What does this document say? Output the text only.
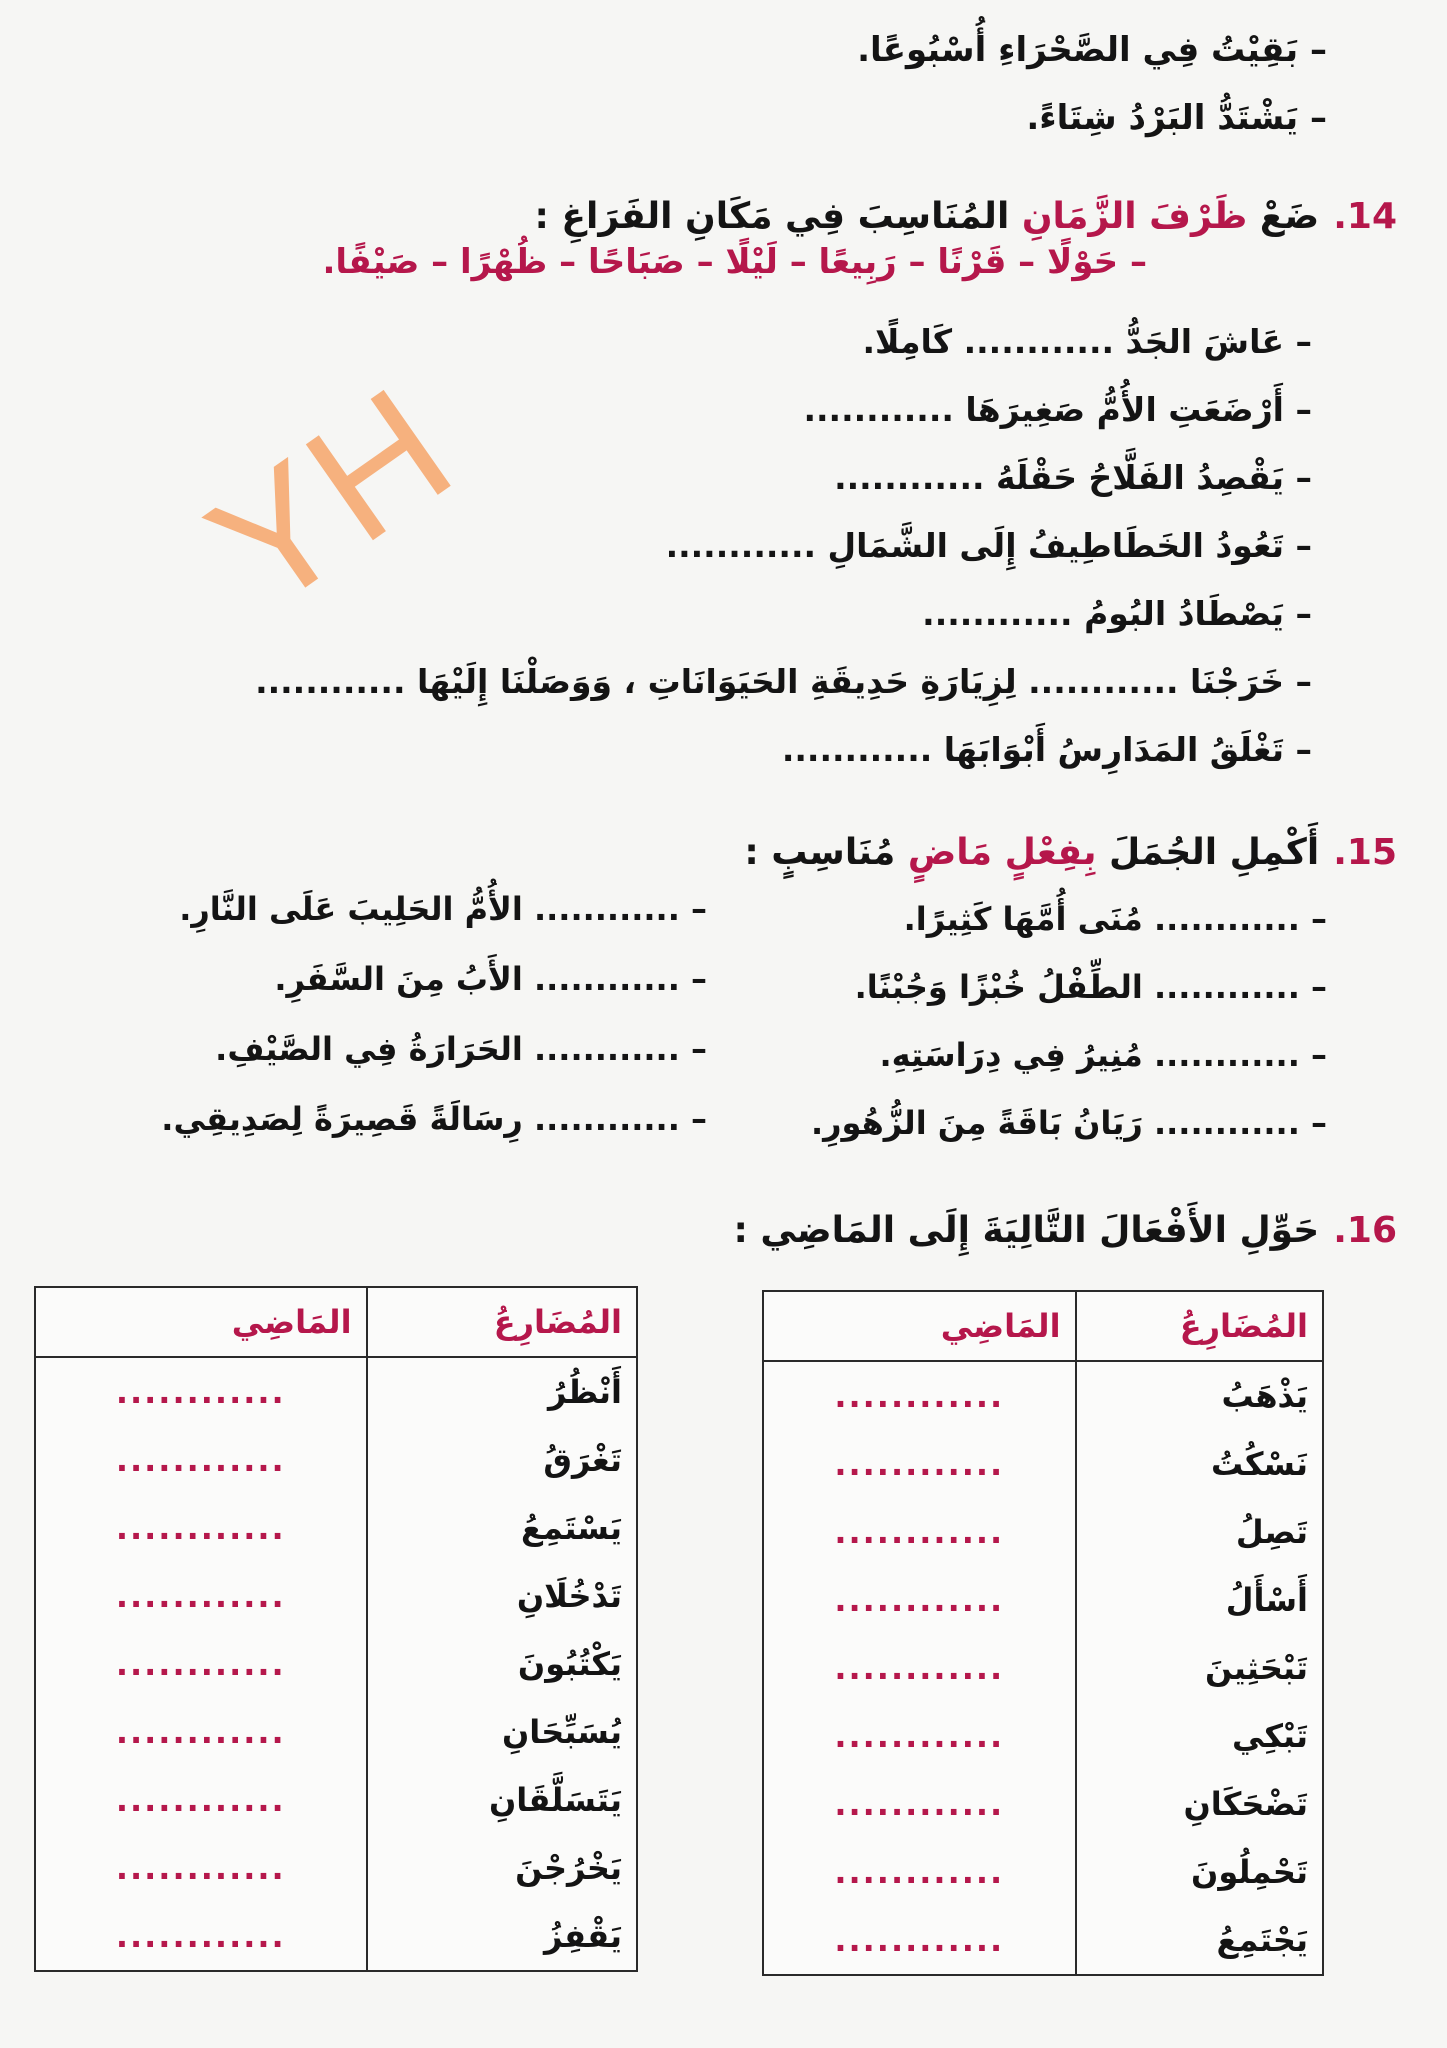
– بَقِيْتُ فِي الصَّحْرَاءِ أُسْبُوعًا.
– يَشْتَدُّ البَرْدُ شِتَاءً.
14.ضَعْ ظَرْفَ الزَّمَانِ المُنَاسِبَ فِي مَكَانِ الفَرَاغِ :
– حَوْلًا – قَرْنًا – رَبِيعًا – لَيْلًا – صَبَاحًا – ظُهْرًا – صَيْفًا.
– عَاشَ الجَدُّ ............ كَامِلًا.
– أَرْضَعَتِ الأُمُّ صَغِيرَهَا ............
– يَقْصِدُ الفَلَّاحُ حَقْلَهُ ............
– تَعُودُ الخَطَاطِيفُ إِلَى الشَّمَالِ ............
– يَصْطَادُ البُومُ ............
– خَرَجْنَا ............ لِزِيَارَةِ حَدِيقَةِ الحَيَوَانَاتِ ، وَوَصَلْنَا إِلَيْهَا ............
– تَغْلَقُ المَدَارِسُ أَبْوَابَهَا ............
YH
15.أَكْمِلِ الجُمَلَ بِفِعْلٍ مَاضٍ مُنَاسِبٍ :
– ............ مُنَى أُمَّهَا كَثِيرًا.
– ............ الطِّفْلُ خُبْزًا وَجُبْنًا.
– ............ مُنِيرُ فِي دِرَاسَتِهِ.
– ............ رَيَانُ بَاقَةً مِنَ الزُّهُورِ.
– ............ الأُمُّ الحَلِيبَ عَلَى النَّارِ.
– ............ الأَبُ مِنَ السَّفَرِ.
– ............ الحَرَارَةُ فِي الصَّيْفِ.
– ............ رِسَالَةً قَصِيرَةً لِصَدِيقِي.
16.حَوِّلِ الأَفْعَالَ التَّالِيَةَ إِلَى المَاضِي :
المُضَارِعُ	المَاضِي
يَذْهَبُ	............
نَسْكُتُ	............
تَصِلُ	............
أَسْأَلُ	............
تَبْحَثِينَ	............
تَبْكِي	............
تَضْحَكَانِ	............
تَحْمِلُونَ	............
يَجْتَمِعُ	............
المُضَارِعُ	المَاضِي
أَنْظُرُ	............
تَغْرَقُ	............
يَسْتَمِعُ	............
تَدْخُلَانِ	............
يَكْتُبُونَ	............
يُسَبِّحَانِ	............
يَتَسَلَّقَانِ	............
يَخْرُجْنَ	............
يَقْفِزُ	............
